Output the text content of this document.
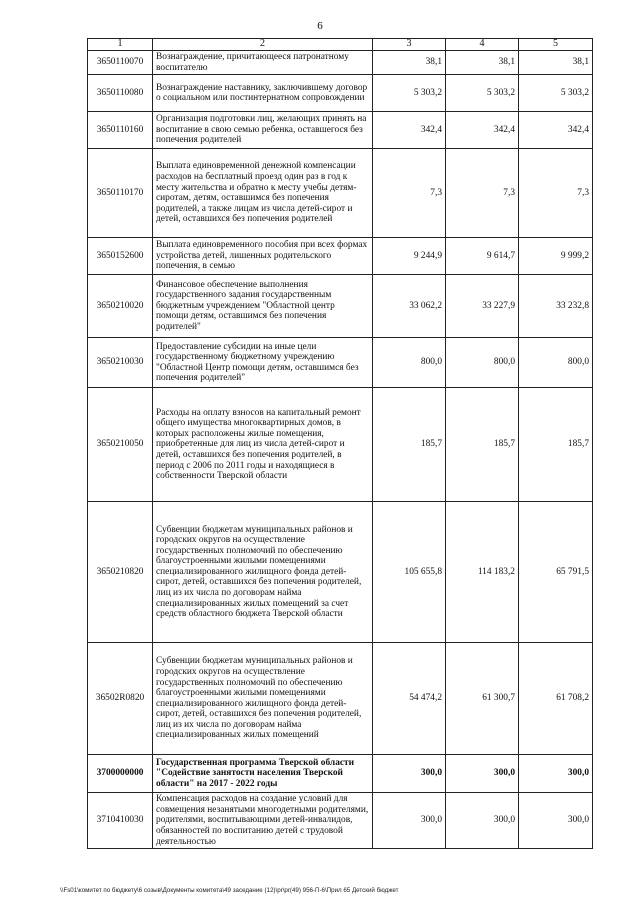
6
1	2	3	4	5
3650110070	Вознаграждение, причитающееся патронатному воспитателю	38,1	38,1	38,1
3650110080	Вознаграждение наставнику, заключившему договор о социальном или постинтернатном сопровождении	5 303,2	5 303,2	5 303,2
3650110160	Организация подготовки лиц, желающих принять на воспитание в свою семью ребенка, оставшегося без попечения родителей	342,4	342,4	342,4
3650110170	Выплата единовременной денежной компенсации расходов на бесплатный проезд один раз в год к месту жительства и обратно к месту учебы детям-сиротам, детям, оставшимся без попечения родителей, а также лицам из числа детей-сирот и детей, оставшихся без попечения родителей	7,3	7,3	7,3
3650152600	Выплата единовременного пособия при всех формах устройства детей, лишенных родительского попечения, в семью	9 244,9	9 614,7	9 999,2
3650210020	Финансовое обеспечение выполнения государственного задания государственным бюджетным учреждением "Областной центр помощи детям, оставшимся без попечения родителей"	33 062,2	33 227,9	33 232,8
3650210030	Предоставление субсидии на иные цели государственному бюджетному учреждению "Областной Центр помощи детям, оставшимся без попечения родителей"	800,0	800,0	800,0
3650210050	Расходы на оплату взносов на капитальный ремонт общего имущества многоквартирных домов, в которых расположены жилые помещения, приобретенные для лиц из числа детей-сирот и детей, оставшихся без попечения родителей, в период с 2006 по 2011 годы и находящиеся в собственности Тверской области	185,7	185,7	185,7
3650210820	Субвенции бюджетам муниципальных районов и городских округов на осуществление государственных полномочий по обеспечению благоустроенными жилыми помещениями специализированного жилищного фонда детей-сирот, детей, оставшихся без попечения родителей, лиц из их числа по договорам найма специализированных жилых помещений за счет средств областного бюджета Тверской области	105 655,8	114 183,2	65 791,5
36502R0820	Субвенции бюджетам муниципальных районов и городских округов на осуществление государственных полномочий по обеспечению благоустроенными жилыми помещениями специализированного жилищного фонда детей-сирот, детей, оставшихся без попечения родителей, лиц из их числа по договорам найма специализированных жилых помещений	54 474,2	61 300,7	61 708,2
3700000000	Государственная программа Тверской области "Содействие занятости населения Тверской области" на 2017 - 2022 годы	300,0	300,0	300,0
3710410030	Компенсация расходов на создание условий для совмещения незанятыми многодетными родителями, родителями, воспитывающими детей-инвалидов, обязанностей по воспитанию детей с трудовой деятельностью	300,0	300,0	300,0
\\Fs01\комитет по бюджету\6 созыв\Документы комитета\49 заседание (12)\pr\pr(49) 956-П-6\Прил 65 Детский бюджет
